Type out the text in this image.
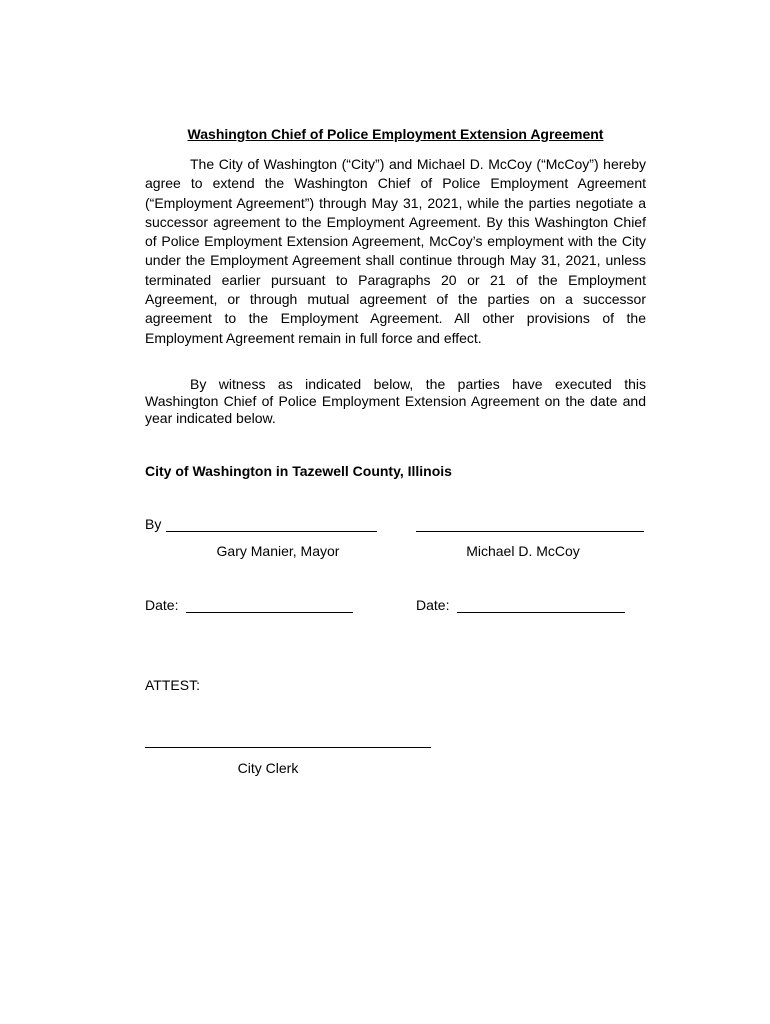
Washington Chief of Police Employment Extension Agreement

The City of Washington (“City”) and Michael D. McCoy (“McCoy”) hereby agree to extend the Washington Chief of Police Employment Agreement (“Employment Agreement”) through May 31, 2021, while the parties negotiate a successor agreement to the Employment Agreement. By this Washington Chief of Police Employment Extension Agreement, McCoy’s employment with the City under the Employment Agreement shall continue through May 31, 2021, unless terminated earlier pursuant to Paragraphs 20 or 21 of the Employment Agreement, or through mutual agreement of the parties on a successor agreement to the Employment Agreement. All other provisions of the Employment Agreement remain in full force and effect.

By witness as indicated below, the parties have executed this Washington Chief of Police Employment Extension Agreement on the date and year indicated below.

City of Washington in Tazewell County, Illinois
By
Gary Manier, Mayor	Michael D. McCoy
Date:	Date:
ATTEST:
City Clerk
